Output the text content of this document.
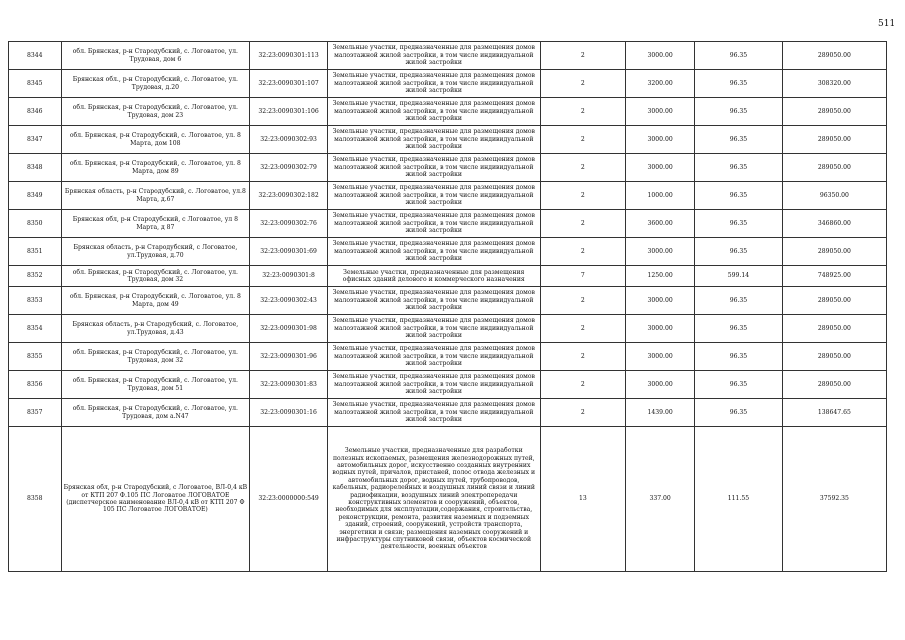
511
8344	обл. Брянская, р-н Стародубский, с. Логоватое, ул. Трудовая, дом 6	32:23:0090301:113	Земельные участки, предназначенные для размещения домов малоэтажной жилой застройки, в том числе индивидуальной жилой застройки	2	3000.00	96.35	289050.00
8345	Брянская обл., р-н Стародубский, с. Логоватое, ул. Трудовая, д.20	32:23:0090301:107	Земельные участки, предназначенные для размещения домов малоэтажной жилой застройки, в том числе индивидуальной жилой застройки	2	3200.00	96.35	308320.00
8346	обл. Брянская, р-н Стародубский, с. Логоватое, ул. Трудовая, дом 23	32:23:0090301:106	Земельные участки, предназначенные для размещения домов малоэтажной жилой застройки, в том числе индивидуальной жилой застройки	2	3000.00	96.35	289050.00
8347	обл. Брянская, р-н Стародубский, с. Логоватое, ул. 8 Марта, дом 108	32:23:0090302:93	Земельные участки, предназначенные для размещения домов малоэтажной жилой застройки, в том числе индивидуальной жилой застройки	2	3000.00	96.35	289050.00
8348	обл. Брянская, р-н Стародубский, с. Логоватое, ул. 8 Марта, дом 89	32:23:0090302:79	Земельные участки, предназначенные для размещения домов малоэтажной жилой застройки, в том числе индивидуальной жилой застройки	2	3000.00	96.35	289050.00
8349	Брянская область, р-н Стародубский, с. Логоватое, ул.8 Марта, д.67	32:23:0090302:182	Земельные участки, предназначенные для размещения домов малоэтажной жилой застройки, в том числе индивидуальной жилой застройки	2	1000.00	96.35	96350.00
8350	Брянская обл, р-н Стародубский, с Логоватое, ул 8 Марта, д 87	32:23:0090302:76	Земельные участки, предназначенные для размещения домов малоэтажной жилой застройки, в том числе индивидуальной жилой застройки	2	3600.00	96.35	346860.00
8351	Брянская область, р-н Стародубский, с Логоватое, ул.Трудовая, д.70	32:23:0090301:69	Земельные участки, предназначенные для размещения домов малоэтажной жилой застройки, в том числе индивидуальной жилой застройки	2	3000.00	96.35	289050.00
8352	обл. Брянская, р-н Стародубский, с. Логоватое, ул. Трудовая, дом 32	32:23:0090301:8	Земельные участки, предназначенные для размещения офисных зданий делового и коммерческого назначения	7	1250.00	599.14	748925.00
8353	обл. Брянская, р-н Стародубский, с. Логоватое, ул. 8 Марта, дом 49	32:23:0090302:43	Земельные участки, предназначенные для размещения домов малоэтажной жилой застройки, в том числе индивидуальной жилой застройки	2	3000.00	96.35	289050.00
8354	Брянская область, р-н Стародубский, с. Логоватое, ул.Трудовая, д.43	32:23:0090301:98	Земельные участки, предназначенные для размещения домов малоэтажной жилой застройки, в том числе индивидуальной жилой застройки	2	3000.00	96.35	289050.00
8355	обл. Брянская, р-н Стародубский, с. Логоватое, ул. Трудовая, дом 32	32:23:0090301:96	Земельные участки, предназначенные для размещения домов малоэтажной жилой застройки, в том числе индивидуальной жилой застройки	2	3000.00	96.35	289050.00
8356	обл. Брянская, р-н Стародубский, с. Логоватое, ул. Трудовая, дом 51	32:23:0090301:83	Земельные участки, предназначенные для размещения домов малоэтажной жилой застройки, в том числе индивидуальной жилой застройки	2	3000.00	96.35	289050.00
8357	обл. Брянская, р-н Стародубский, с. Логоватое, ул. Трудовая, дом а.N47	32:23:0090301:16	Земельные участки, предназначенные для размещения домов малоэтажной жилой застройки, в том числе индивидуальной жилой застройки	2	1439.00	96.35	138647.65
8358	Брянская обл, р-н Стародубский, с Логоватое, ВЛ-0,4 кВ от КТП 207 Ф.105 ПС Логоватое ЛОГОВАТОЕ (диспетчерское наименование ВЛ-0,4 кВ от КТП 207 Ф 105 ПС Логоватое ЛОГОВАТОЕ)	32:23:0000000:549	Земельные участки, предназначенные для разработки полезных ископаемых, размещения железнодорожных путей, автомобильных дорог, искусственно созданных внутренних водных путей, причалов, пристаней, полос отвода железных и автомобильных дорог, водных путей, трубопроводов, кабельных, радиорелейных и воздушных линий связи и линий радиофикации, воздушных линий электропередачи конструктивных элементов и сооружений, объектов, необходимых для эксплуатации,содержания, строительства, реконструкции, ремонта, развития наземных и подземных зданий, строений, сооружений, устройств транспорта, энергетики и связи; размещения наземных сооружений и инфраструктуры спутниковой связи, объектов космической деятельности, военных объектов	13	337.00	111.55	37592.35
